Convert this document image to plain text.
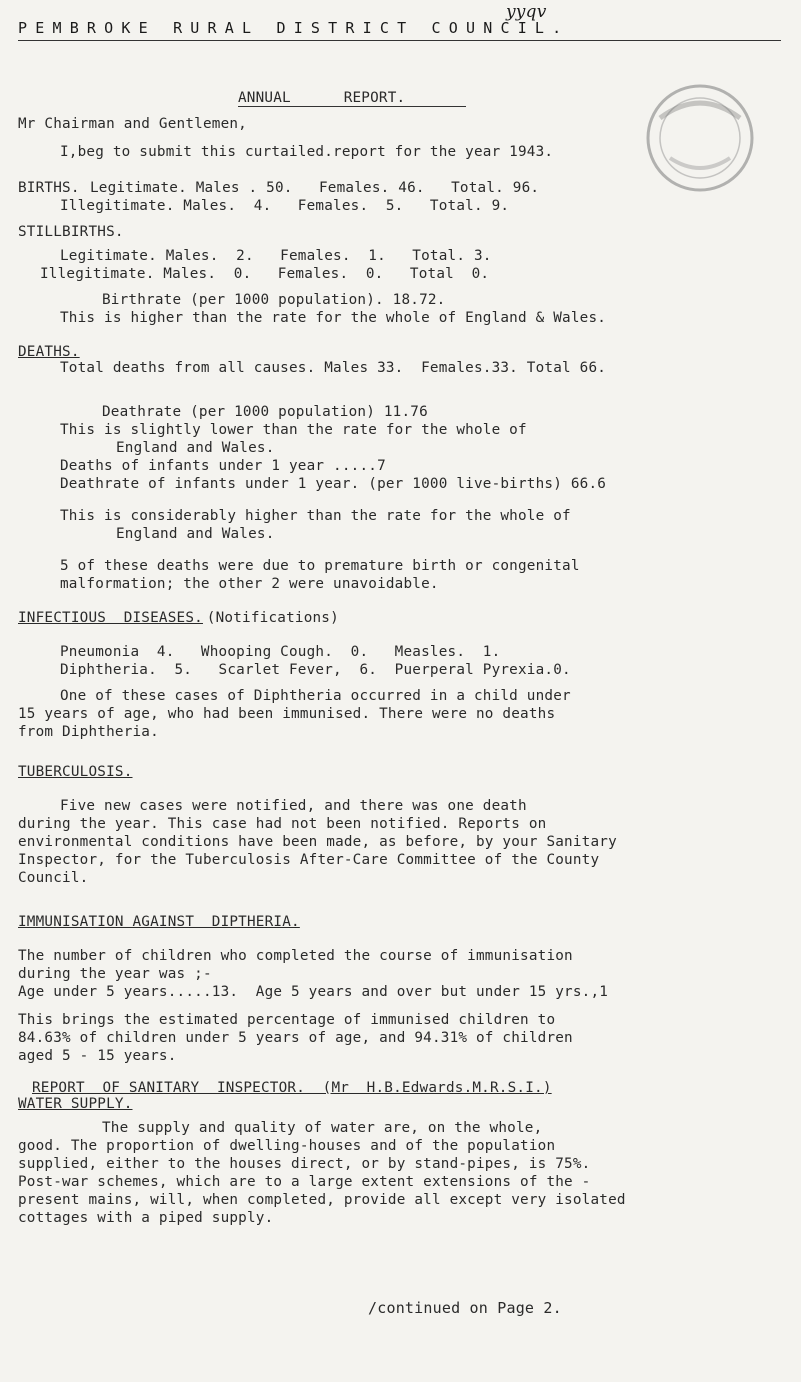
yyqv
PEMBROKE RURAL DISTRICT COUNCIL.
ANNUAL      REPORT.
Mr Chairman and Gentlemen,
I,beg to submit this curtailed.report for the year 1943.
BIRTHS. Legitimate. Males . 50.   Females. 46.   Total. 96.
Illegitimate. Males.  4.   Females.  5.   Total. 9.
STILLBIRTHS.
Legitimate. Males.  2.   Females.  1.   Total. 3.
Illegitimate. Males.  0.   Females.  0.   Total  0.
Birthrate (per 1000 population). 18.72.
This is higher than the rate for the whole of England & Wales.
DEATHS.
Total deaths from all causes. Males 33.  Females.33. Total 66.
Deathrate (per 1000 population) 11.76
This is slightly lower than the rate for the whole of
England and Wales.
Deaths of infants under 1 year .....7
Deathrate of infants under 1 year. (per 1000 live-births) 66.6
This is considerably higher than the rate for the whole of
England and Wales.
5 of these deaths were due to premature birth or congenital
malformation; the other 2 were unavoidable.
INFECTIOUS  DISEASES.
(Notifications)
Pneumonia  4.   Whooping Cough.  0.   Measles.  1.
Diphtheria.  5.   Scarlet Fever,  6.  Puerperal Pyrexia.0.
One of these cases of Diphtheria occurred in a child under
15 years of age, who had been immunised. There were no deaths
from Diphtheria.
TUBERCULOSIS.
Five new cases were notified, and there was one death
during the year. This case had not been notified. Reports on
environmental conditions have been made, as before, by your Sanitary
Inspector, for the Tuberculosis After-Care Committee of the County
Council.
IMMUNISATION AGAINST  DIPTHERIA.
The number of children who completed the course of immunisation
during the year was ;-
Age under 5 years.....13.  Age 5 years and over but under 15 yrs.,1
This brings the estimated percentage of immunised children to
84.63% of children under 5 years of age, and 94.31% of children
aged 5 - 15 years.
REPORT  OF SANITARY  INSPECTOR.  (Mr  H.B.Edwards.M.R.S.I.)
WATER SUPPLY.
The supply and quality of water are, on the whole,
good. The proportion of dwelling-houses and of the population
supplied, either to the houses direct, or by stand-pipes, is 75%.
Post-war schemes, which are to a large extent extensions of the -
present mains, will, when completed, provide all except very isolated
cottages with a piped supply.
/continued on Page 2.
